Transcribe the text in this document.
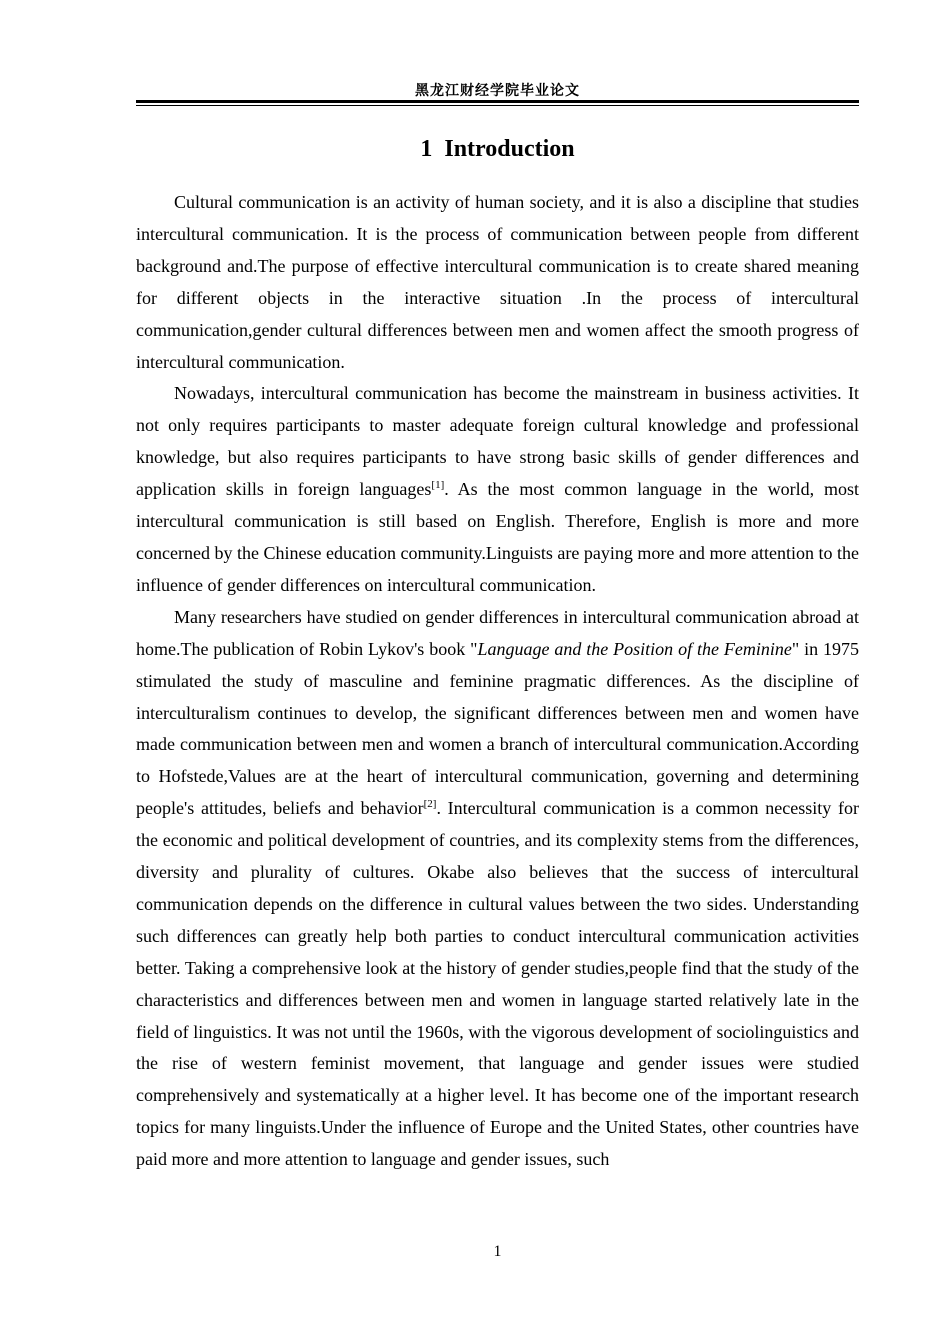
黑龙江财经学院毕业论文
1  Introduction

Cultural communication is an activity of human society, and it is also a discipline that studies intercultural communication. It is the process of communication between people from different background and.The purpose of effective intercultural communication is to create shared meaning for different objects in the interactive situation .In the process of intercultural communication,gender cultural differences between men and women affect the smooth progress of intercultural communication.

Nowadays, intercultural communication has become the mainstream in business activities. It not only requires participants to master adequate foreign cultural knowledge and professional knowledge, but also requires participants to have strong basic skills of gender differences and application skills in foreign languages[1]. As the most common language in the world, most intercultural communication is still based on English. Therefore, English is more and more concerned by the Chinese education community.Linguists are paying more and more attention to the influence of gender differences on intercultural communication.

Many researchers have studied on gender differences in intercultural communication abroad at home.The publication of Robin Lykov's book "Language and the Position of the Feminine" in 1975 stimulated the study of masculine and feminine pragmatic differences. As the discipline of interculturalism continues to develop, the significant differences between men and women have made communication between men and women a branch of intercultural communication.According to Hofstede,Values are at the heart of intercultural communication, governing and determining people's attitudes, beliefs and behavior[2]. Intercultural communication is a common necessity for the economic and political development of countries, and its complexity stems from the differences, diversity and plurality of cultures. Okabe also believes that the success of intercultural communication depends on the difference in cultural values between the two sides. Understanding such differences can greatly help both parties to conduct intercultural communication activities better. Taking a comprehensive look at the history of gender studies,people find that the study of the characteristics and differences between men and women in language started relatively late in the field of linguistics. It was not until the 1960s, with the vigorous development of sociolinguistics and the rise of western feminist movement, that language and gender issues were studied comprehensively and systematically at a higher level. It has become one of the important research topics for many linguists.Under the influence of Europe and the United States, other countries have paid more and more attention to language and gender issues, such

1
